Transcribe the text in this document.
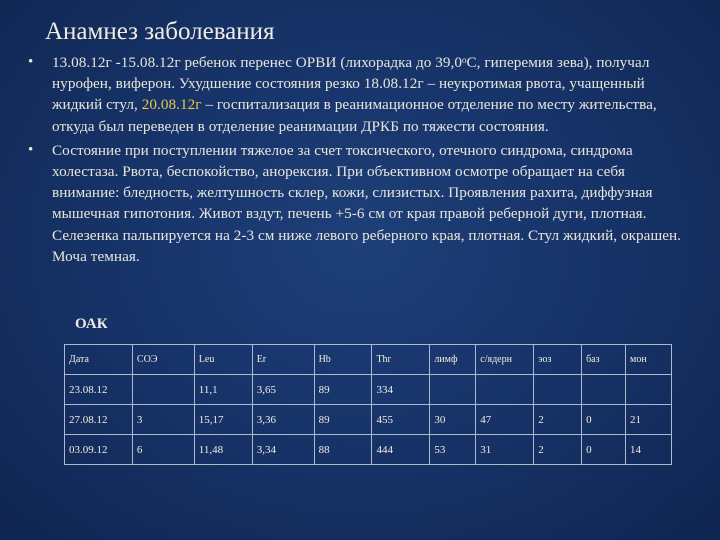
Анамнез заболевания

• 13.08.12г -15.08.12г ребенок перенес ОРВИ (лихорадка до 39,0ᵒС, гиперемия зева), получал нурофен, виферон. Ухудшение состояния резко 18.08.12г – неукротимая рвота, учащенный жидкий стул, 20.08.12г – госпитализация в реанимационное отделение по месту жительства, откуда был переведен в отделение реанимации ДРКБ по тяжести состояния.

• Состояние при поступлении тяжелое за счет токсического, отечного синдрома, синдрома холестаза. Рвота, беспокойство, анорексия. При объективном осмотре обращает на себя внимание: бледность, желтушность склер, кожи, слизистых. Проявления рахита, диффузная мышечная гипотония. Живот вздут, печень +5-6 см от края правой реберной дуги, плотная. Селезенка пальпируется на 2-3 см ниже левого реберного края, плотная. Стул жидкий, окрашен. Моча темная.

ОАК
Дата	СОЭ	Leu	Er	Hb	Thr	лимф	с/ядерн	эоз	баз	мон
23.08.12		11,1	3,65	89	334					
27.08.12	3	15,17	3,36	89	455	30	47	2	0	21
03.09.12	6	11,48	3,34	88	444	53	31	2	0	14
